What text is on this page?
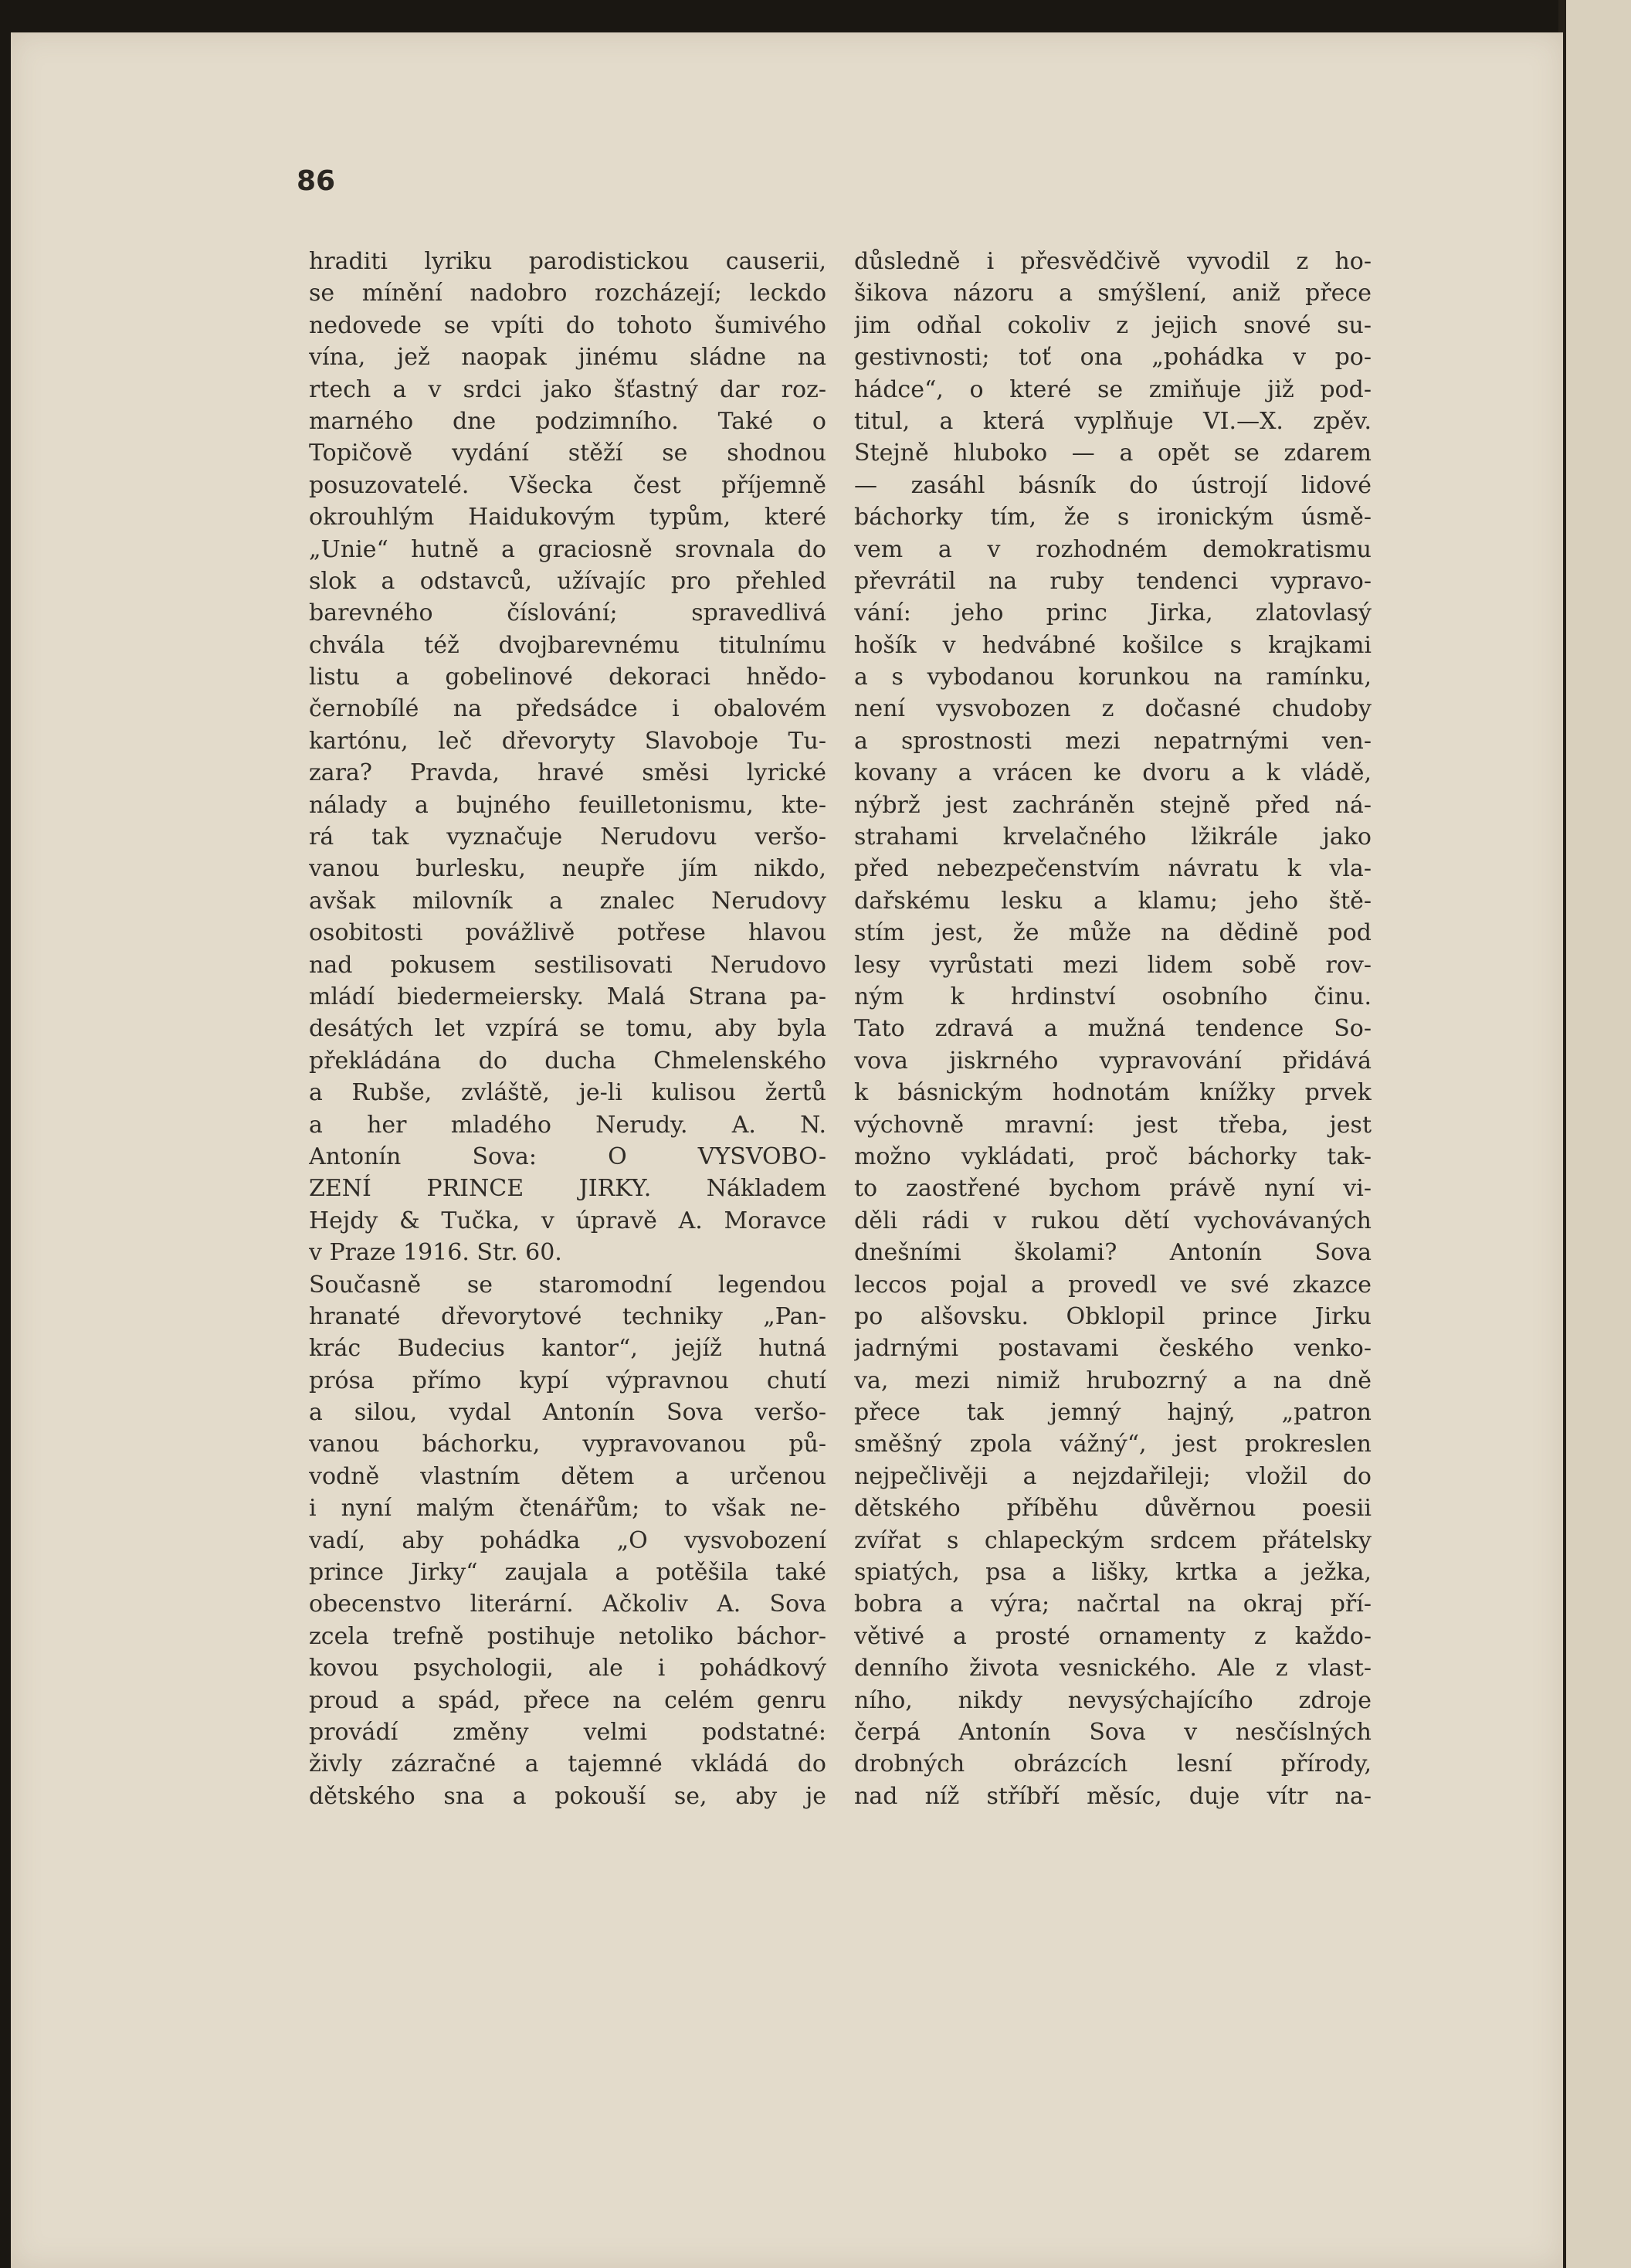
86

hraditi lyriku parodistickou causerii,
se mínění nadobro rozcházejí; leckdo
nedovede se vpíti do tohoto šumivého
vína, jež naopak jinému sládne na
rtech a v srdci jako šťastný dar roz-
marného dne podzimního. Také o
Topičově vydání stěží se shodnou
posuzovatelé. Všecka čest příjemně
okrouhlým Haidukovým typům, které
„Unie“ hutně a graciosně srovnala do
slok a odstavců, užívajíc pro přehled
barevného číslování; spravedlivá
chvála též dvojbarevnému titulnímu
listu a gobelinové dekoraci hnědo-
černobílé na předsádce i obalovém
kartónu, leč dřevoryty Slavoboje Tu-
zara? Pravda, hravé směsi lyrické
nálady a bujného feuilletonismu, kte-
rá tak vyznačuje Nerudovu veršo-
vanou burlesku, neupře jím nikdo,
avšak milovník a znalec Nerudovy
osobitosti povážlivě potřese hlavou
nad pokusem sestilisovati Nerudovo
mládí biedermeiersky. Malá Strana pa-
desátých let vzpírá se tomu, aby byla
překládána do ducha Chmelenského
a Rubše, zvláště, je-li kulisou žertů
a her mladého Nerudy. A. N.
Antonín Sova: O VYSVOBO-
ZENÍ PRINCE JIRKY. Nákladem
Hejdy & Tučka, v úpravě A. Moravce
v Praze 1916. Str. 60.
Současně se staromodní legendou
hranaté dřevorytové techniky „Pan-
krác Budecius kantor“, jejíž hutná
prósa přímo kypí výpravnou chutí
a silou, vydal Antonín Sova veršo-
vanou báchorku, vypravovanou pů-
vodně vlastním dětem a určenou
i nyní malým čtenářům; to však ne-
vadí, aby pohádka „O vysvobození
prince Jirky“ zaujala a potěšila také
obecenstvo literární. Ačkoliv A. Sova
zcela trefně postihuje netoliko báchor-
kovou psychologii, ale i pohádkový
proud a spád, přece na celém genru
provádí změny velmi podstatné:
živly zázračné a tajemné vkládá do
dětského sna a pokouší se, aby je
důsledně i přesvědčivě vyvodil z ho-
šikova názoru a smýšlení, aniž přece
jim odňal cokoliv z jejich snové su-
gestivnosti; toť ona „pohádka v po-
hádce“, o které se zmiňuje již pod-
titul, a která vyplňuje VI.—X. zpěv.
Stejně hluboko — a opět se zdarem
— zasáhl básník do ústrojí lidové
báchorky tím, že s ironickým úsmě-
vem a v rozhodném demokratismu
převrátil na ruby tendenci vypravo-
vání: jeho princ Jirka, zlatovlasý
hošík v hedvábné košilce s krajkami
a s vybodanou korunkou na ramínku,
není vysvobozen z dočasné chudoby
a sprostnosti mezi nepatrnými ven-
kovany a vrácen ke dvoru a k vládě,
nýbrž jest zachráněn stejně před ná-
strahami krvelačného lžikrále jako
před nebezpečenstvím návratu k vla-
dařskému lesku a klamu; jeho ště-
stím jest, že může na dědině pod
lesy vyrůstati mezi lidem sobě rov-
ným k hrdinství osobního činu.
Tato zdravá a mužná tendence So-
vova jiskrného vypravování přidává
k básnickým hodnotám knížky prvek
výchovně mravní: jest třeba, jest
možno vykládati, proč báchorky tak-
to zaostřené bychom právě nyní vi-
děli rádi v rukou dětí vychovávaných
dnešními školami? Antonín Sova
leccos pojal a provedl ve své zkazce
po alšovsku. Obklopil prince Jirku
jadrnými postavami českého venko-
va, mezi nimiž hrubozrný a na dně
přece tak jemný hajný, „patron
směšný zpola vážný“, jest prokreslen
nejpečlivěji a nejzdařileji; vložil do
dětského příběhu důvěrnou poesii
zvířat s chlapeckým srdcem přátelsky
spiatých, psa a lišky, krtka a ježka,
bobra a výra; načrtal na okraj pří-
větivé a prosté ornamenty z každo-
denního života vesnického. Ale z vlast-
ního, nikdy nevysýchajícího zdroje
čerpá Antonín Sova v nesčíslných
drobných obrázcích lesní přírody,
nad níž stříbří měsíc, duje vítr na-
